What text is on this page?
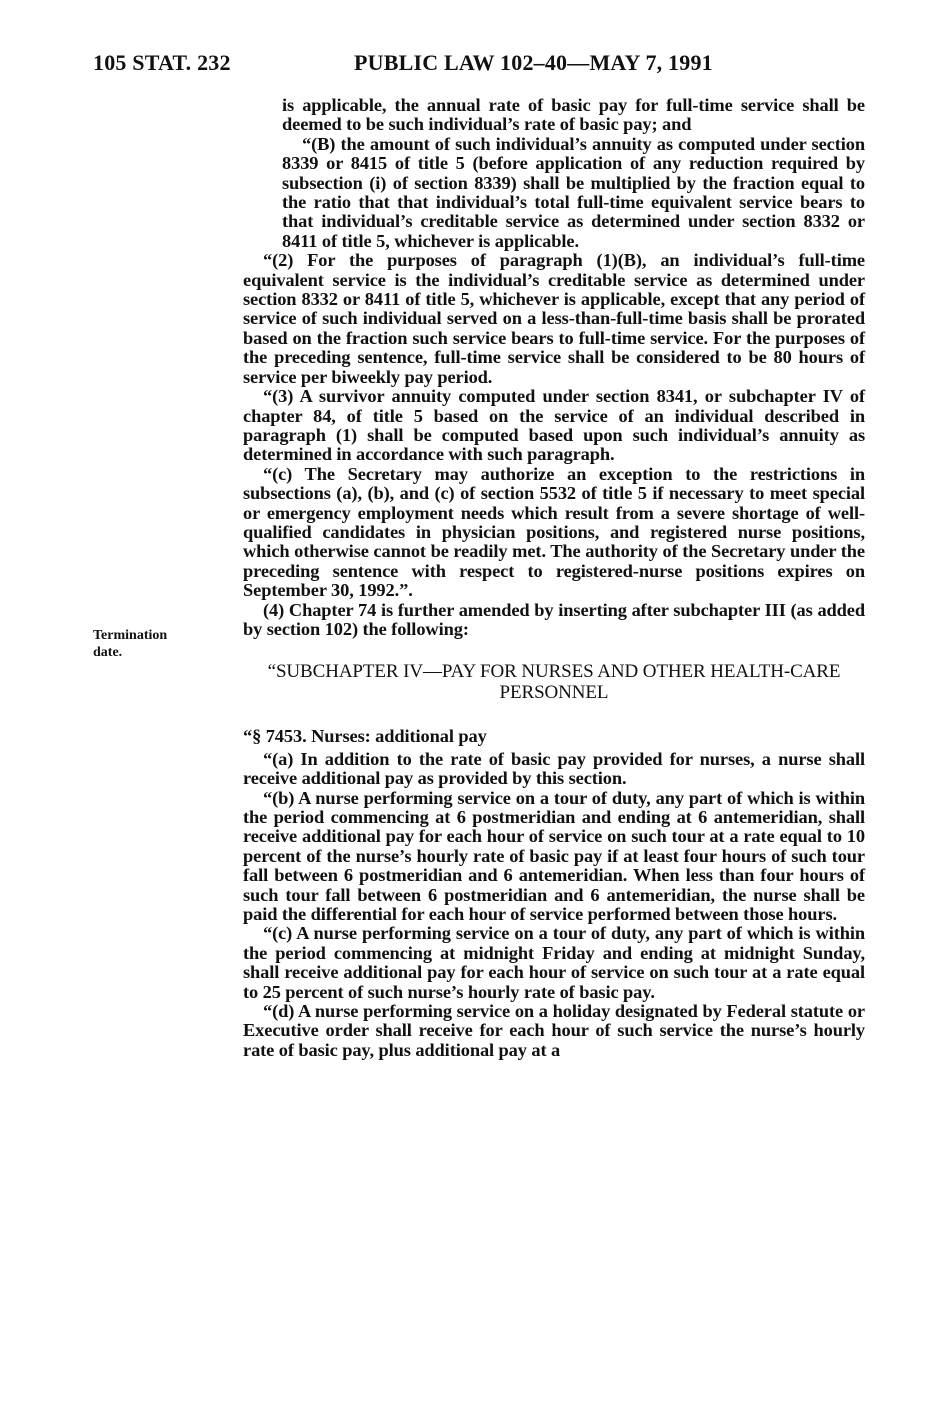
105 STAT. 232	PUBLIC LAW 102–40—MAY 7, 1991
Termination
date.

is applicable, the annual rate of basic pay for full-time service shall be deemed to be such individual’s rate of basic pay; and

“(B) the amount of such individual’s annuity as computed under section 8339 or 8415 of title 5 (before application of any reduction required by subsection (i) of section 8339) shall be multiplied by the fraction equal to the ratio that that individual’s total full-time equivalent service bears to that individual’s creditable service as determined under section 8332 or 8411 of title 5, whichever is applicable.

“(2) For the purposes of paragraph (1)(B), an individual’s full-time equivalent service is the individual’s creditable service as determined under section 8332 or 8411 of title 5, whichever is applicable, except that any period of service of such individual served on a less-than-full-time basis shall be prorated based on the fraction such service bears to full-time service. For the purposes of the preceding sentence, full-time service shall be considered to be 80 hours of service per biweekly pay period.

“(3) A survivor annuity computed under section 8341, or subchapter IV of chapter 84, of title 5 based on the service of an individual described in paragraph (1) shall be computed based upon such individual’s annuity as determined in accordance with such paragraph.

“(c) The Secretary may authorize an exception to the restrictions in subsections (a), (b), and (c) of section 5532 of title 5 if necessary to meet special or emergency employment needs which result from a severe shortage of well-qualified candidates in physician positions, and registered nurse positions, which otherwise cannot be readily met. The authority of the Secretary under the preceding sentence with respect to registered-nurse positions expires on September 30, 1992.”.

(4) Chapter 74 is further amended by inserting after subchapter III (as added by section 102) the following:

“SUBCHAPTER IV—PAY FOR NURSES AND OTHER HEALTH-CARE PERSONNEL

“§ 7453. Nurses: additional pay

“(a) In addition to the rate of basic pay provided for nurses, a nurse shall receive additional pay as provided by this section.

“(b) A nurse performing service on a tour of duty, any part of which is within the period commencing at 6 postmeridian and ending at 6 antemeridian, shall receive additional pay for each hour of service on such tour at a rate equal to 10 percent of the nurse’s hourly rate of basic pay if at least four hours of such tour fall between 6 postmeridian and 6 antemeridian. When less than four hours of such tour fall between 6 postmeridian and 6 antemeridian, the nurse shall be paid the differential for each hour of service performed between those hours.

“(c) A nurse performing service on a tour of duty, any part of which is within the period commencing at midnight Friday and ending at midnight Sunday, shall receive additional pay for each hour of service on such tour at a rate equal to 25 percent of such nurse’s hourly rate of basic pay.

“(d) A nurse performing service on a holiday designated by Federal statute or Executive order shall receive for each hour of such service the nurse’s hourly rate of basic pay, plus additional pay at a
